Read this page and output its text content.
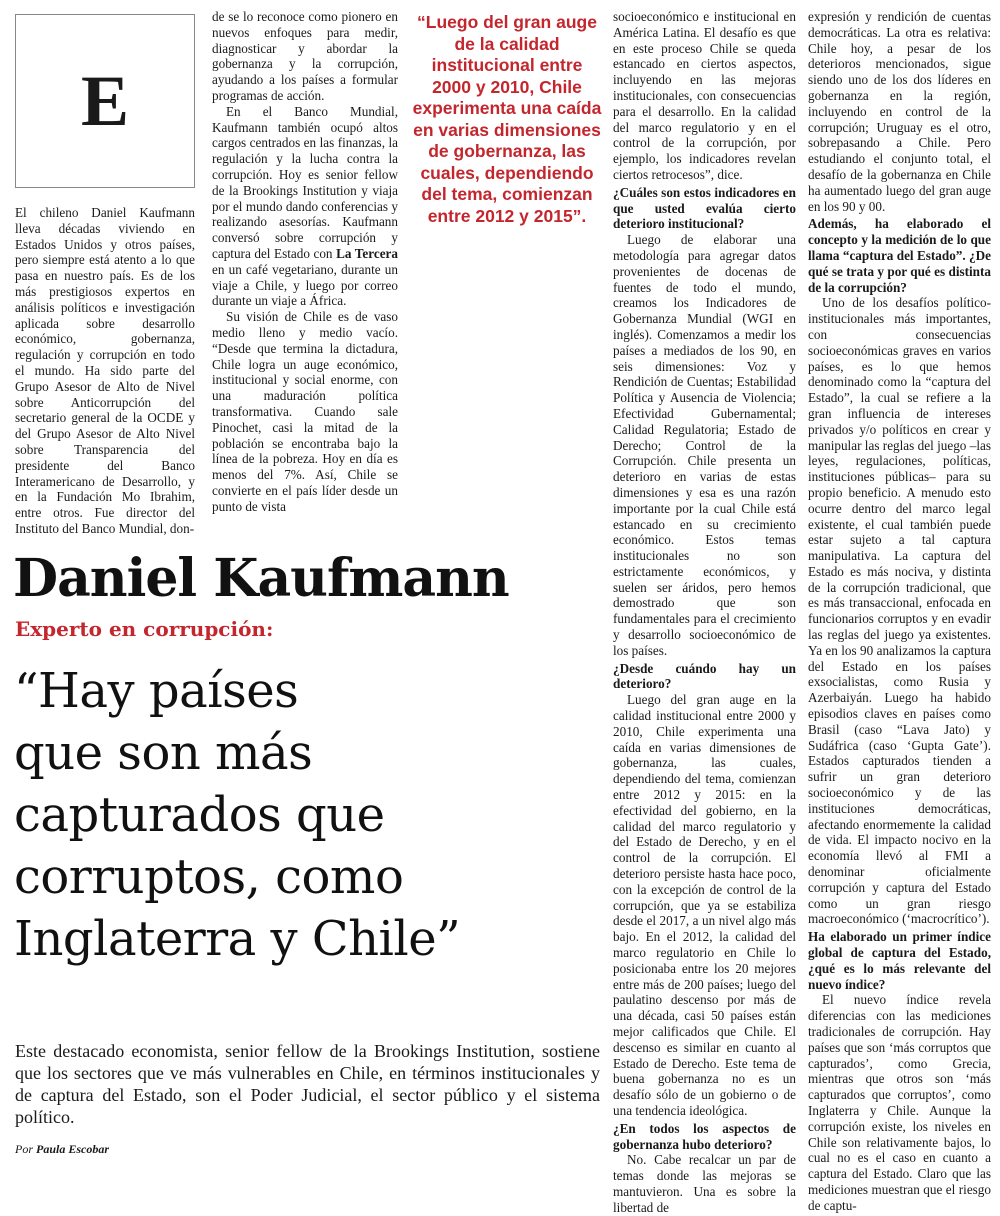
E

El chileno Daniel Kaufmann lleva décadas viviendo en Estados Unidos y otros países, pero siempre está atento a lo que pasa en nuestro país. Es de los más prestigiosos expertos en análisis políticos e investigación aplicada sobre desarrollo económico, gobernanza, regulación y corrupción en todo el mundo. Ha sido parte del Grupo Asesor de Alto de Nivel sobre Anticorrupción del secretario general de la OCDE y del Grupo Asesor de Alto Nivel sobre Transparencia del presidente del Banco Interamericano de Desarrollo, y en la Fundación Mo Ibrahim, entre otros. Fue director del Instituto del Banco Mundial, don-

de se lo reconoce como pionero en nuevos enfoques para medir, diagnosticar y abordar la gobernanza y la corrupción, ayudando a los países a formular programas de acción.

En el Banco Mundial, Kaufmann también ocupó altos cargos centrados en las finanzas, la regulación y la lucha contra la corrupción. Hoy es senior fellow de la Brookings Institution y viaja por el mundo dando conferencias y realizando asesorías. Kaufmann conversó sobre corrupción y captura del Estado con La Tercera en un café vegetariano, durante un viaje a Chile, y luego por correo durante un viaje a África.

Su visión de Chile es de vaso medio lleno y medio vacío. “Desde que termina la dictadura, Chile logra un auge económico, institucional y social enorme, con una maduración política transformativa. Cuando sale Pinochet, casi la mitad de la población se encontraba bajo la línea de la pobreza. Hoy en día es menos del 7%. Así, Chile se convierte en el país líder desde un punto de vista

“Luego del gran auge de la calidad institucional entre 2000 y 2010, Chile experimenta una caída en varias dimensiones de gobernanza, las cuales, dependiendo del tema, comienzan entre 2012 y 2015”.

socioeconómico e institucional en América Latina. El desafío es que en este proceso Chile se queda estancado en ciertos aspectos, incluyendo en las mejoras institucionales, con consecuencias para el desarrollo. En la calidad del marco regulatorio y en el control de la corrupción, por ejemplo, los indicadores revelan ciertos retrocesos”, dice.

¿Cuáles son estos indicadores en que usted evalúa cierto deterioro institucional?

Luego de elaborar una metodología para agregar datos provenientes de docenas de fuentes de todo el mundo, creamos los Indicadores de Gobernanza Mundial (WGI en inglés). Comenzamos a medir los países a mediados de los 90, en seis dimensiones: Voz y Rendición de Cuentas; Estabilidad Política y Ausencia de Violencia; Efectividad Gubernamental; Calidad Regulatoria; Estado de Derecho; Control de la Corrupción. Chile presenta un deterioro en varias de estas dimensiones y esa es una razón importante por la cual Chile está estancado en su crecimiento económico. Estos temas institucionales no son estrictamente económicos, y suelen ser áridos, pero hemos demostrado que son fundamentales para el crecimiento y desarrollo socioeconómico de los países.

¿Desde cuándo hay un deterioro?

Luego del gran auge en la calidad institucional entre 2000 y 2010, Chile experimenta una caída en varias dimensiones de gobernanza, las cuales, dependiendo del tema, comienzan entre 2012 y 2015: en la efectividad del gobierno, en la calidad del marco regulatorio y del Estado de Derecho, y en el control de la corrupción. El deterioro persiste hasta hace poco, con la excepción de control de la corrupción, que ya se estabiliza desde el 2017, a un nivel algo más bajo. En el 2012, la calidad del marco regulatorio en Chile lo posicionaba entre los 20 mejores entre más de 200 países; luego del paulatino descenso por más de una década, casi 50 países están mejor calificados que Chile. El descenso es similar en cuanto al Estado de Derecho. Este tema de buena gobernanza no es un desafío sólo de un gobierno o de una tendencia ideológica.

¿En todos los aspectos de gobernanza hubo deterioro?

No. Cabe recalcar un par de temas donde las mejoras se mantuvieron. Una es sobre la libertad de

expresión y rendición de cuentas democráticas. La otra es relativa: Chile hoy, a pesar de los deterioros mencionados, sigue siendo uno de los dos líderes en gobernanza en la región, incluyendo en control de la corrupción; Uruguay es el otro, sobrepasando a Chile. Pero estudiando el conjunto total, el desafío de la gobernanza en Chile ha aumentado luego del gran auge en los 90 y 00.

Además, ha elaborado el concepto y la medición de lo que llama “captura del Estado”. ¿De qué se trata y por qué es distinta de la corrupción?

Uno de los desafíos político-institucionales más importantes, con consecuencias socioeconómicas graves en varios países, es lo que hemos denominado como la “captura del Estado”, la cual se refiere a la gran influencia de intereses privados y/o políticos en crear y manipular las reglas del juego –las leyes, regulaciones, políticas, instituciones públicas– para su propio beneficio. A menudo esto ocurre dentro del marco legal existente, el cual también puede estar sujeto a tal captura manipulativa. La captura del Estado es más nociva, y distinta de la corrupción tradicional, que es más transaccional, enfocada en funcionarios corruptos y en evadir las reglas del juego ya existentes. Ya en los 90 analizamos la captura del Estado en los países exsocialistas, como Rusia y Azerbaiyán. Luego ha habido episodios claves en países como Brasil (caso “Lava Jato) y Sudáfrica (caso ‘Gupta Gate’). Estados capturados tienden a sufrir un gran deterioro socioeconómico y de las instituciones democráticas, afectando enormemente la calidad de vida. El impacto nocivo en la economía llevó al FMI a denominar oficialmente corrupción y captura del Estado como un gran riesgo macroeconómico (‘macrocrítico’).

Ha elaborado un primer índice global de captura del Estado, ¿qué es lo más relevante del nuevo índice?

El nuevo índice revela diferencias con las mediciones tradicionales de corrupción. Hay países que son ‘más corruptos que capturados’, como Grecia, mientras que otros son ‘más capturados que corruptos’, como Inglaterra y Chile. Aunque la corrupción existe, los niveles en Chile son relativamente bajos, lo cual no es el caso en cuanto a captura del Estado. Claro que las mediciones muestran que el riesgo de captu-

Daniel Kaufmann
Experto en corrupción:
“Hay países
que son más
capturados que
corruptos, como
Inglaterra y Chile”
Este destacado economista, senior fellow de la Brookings Institution, sostiene que los sectores que ve más vulnerables en Chile, en términos institucionales y de captura del Estado, son el Poder Judicial, el sector público y el sistema político.
Por Paula Escobar
